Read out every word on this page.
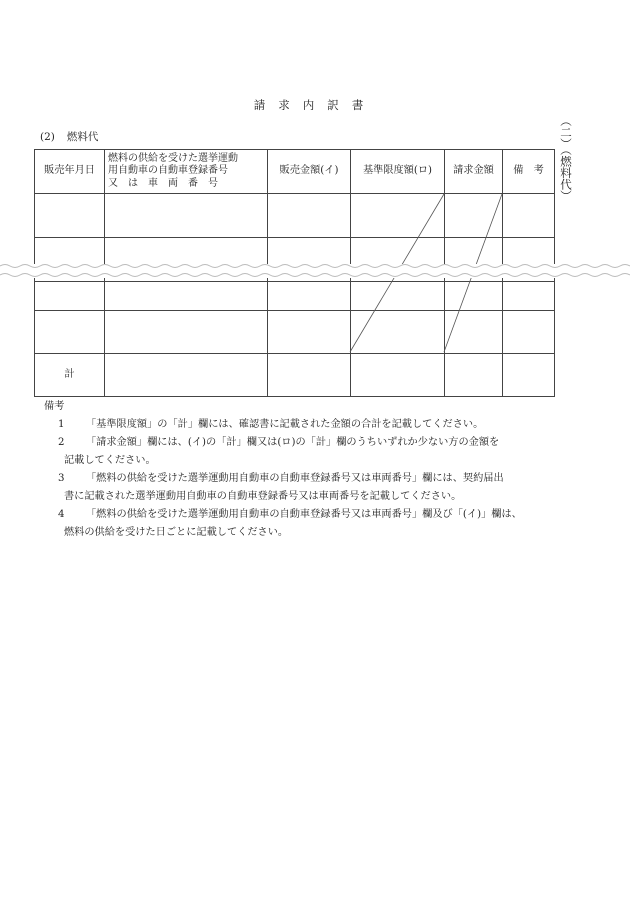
請求内訳書
(2) 燃料代	（二）（燃料代）
販売年月日	燃料の供給を受けた選挙運動
用自動車の自動車登録番号
又　は　車　両　番　号	販売金額(イ)	基準限度額(ロ)	請求金額	備　考

計					
備考
1	「基準限度額」の「計」欄には、確認書に記載された金額の合計を記載してください。
2	「請求金額」欄には、(イ)の「計」欄又は(ロ)の「計」欄のうちいずれか少ない方の金額を
記載してください。
3	「燃料の供給を受けた選挙運動用自動車の自動車登録番号又は車両番号」欄には、契約届出
書に記載された選挙運動用自動車の自動車登録番号又は車両番号を記載してください。
4	「燃料の供給を受けた選挙運動用自動車の自動車登録番号又は車両番号」欄及び「(イ)」欄は、
燃料の供給を受けた日ごとに記載してください。
